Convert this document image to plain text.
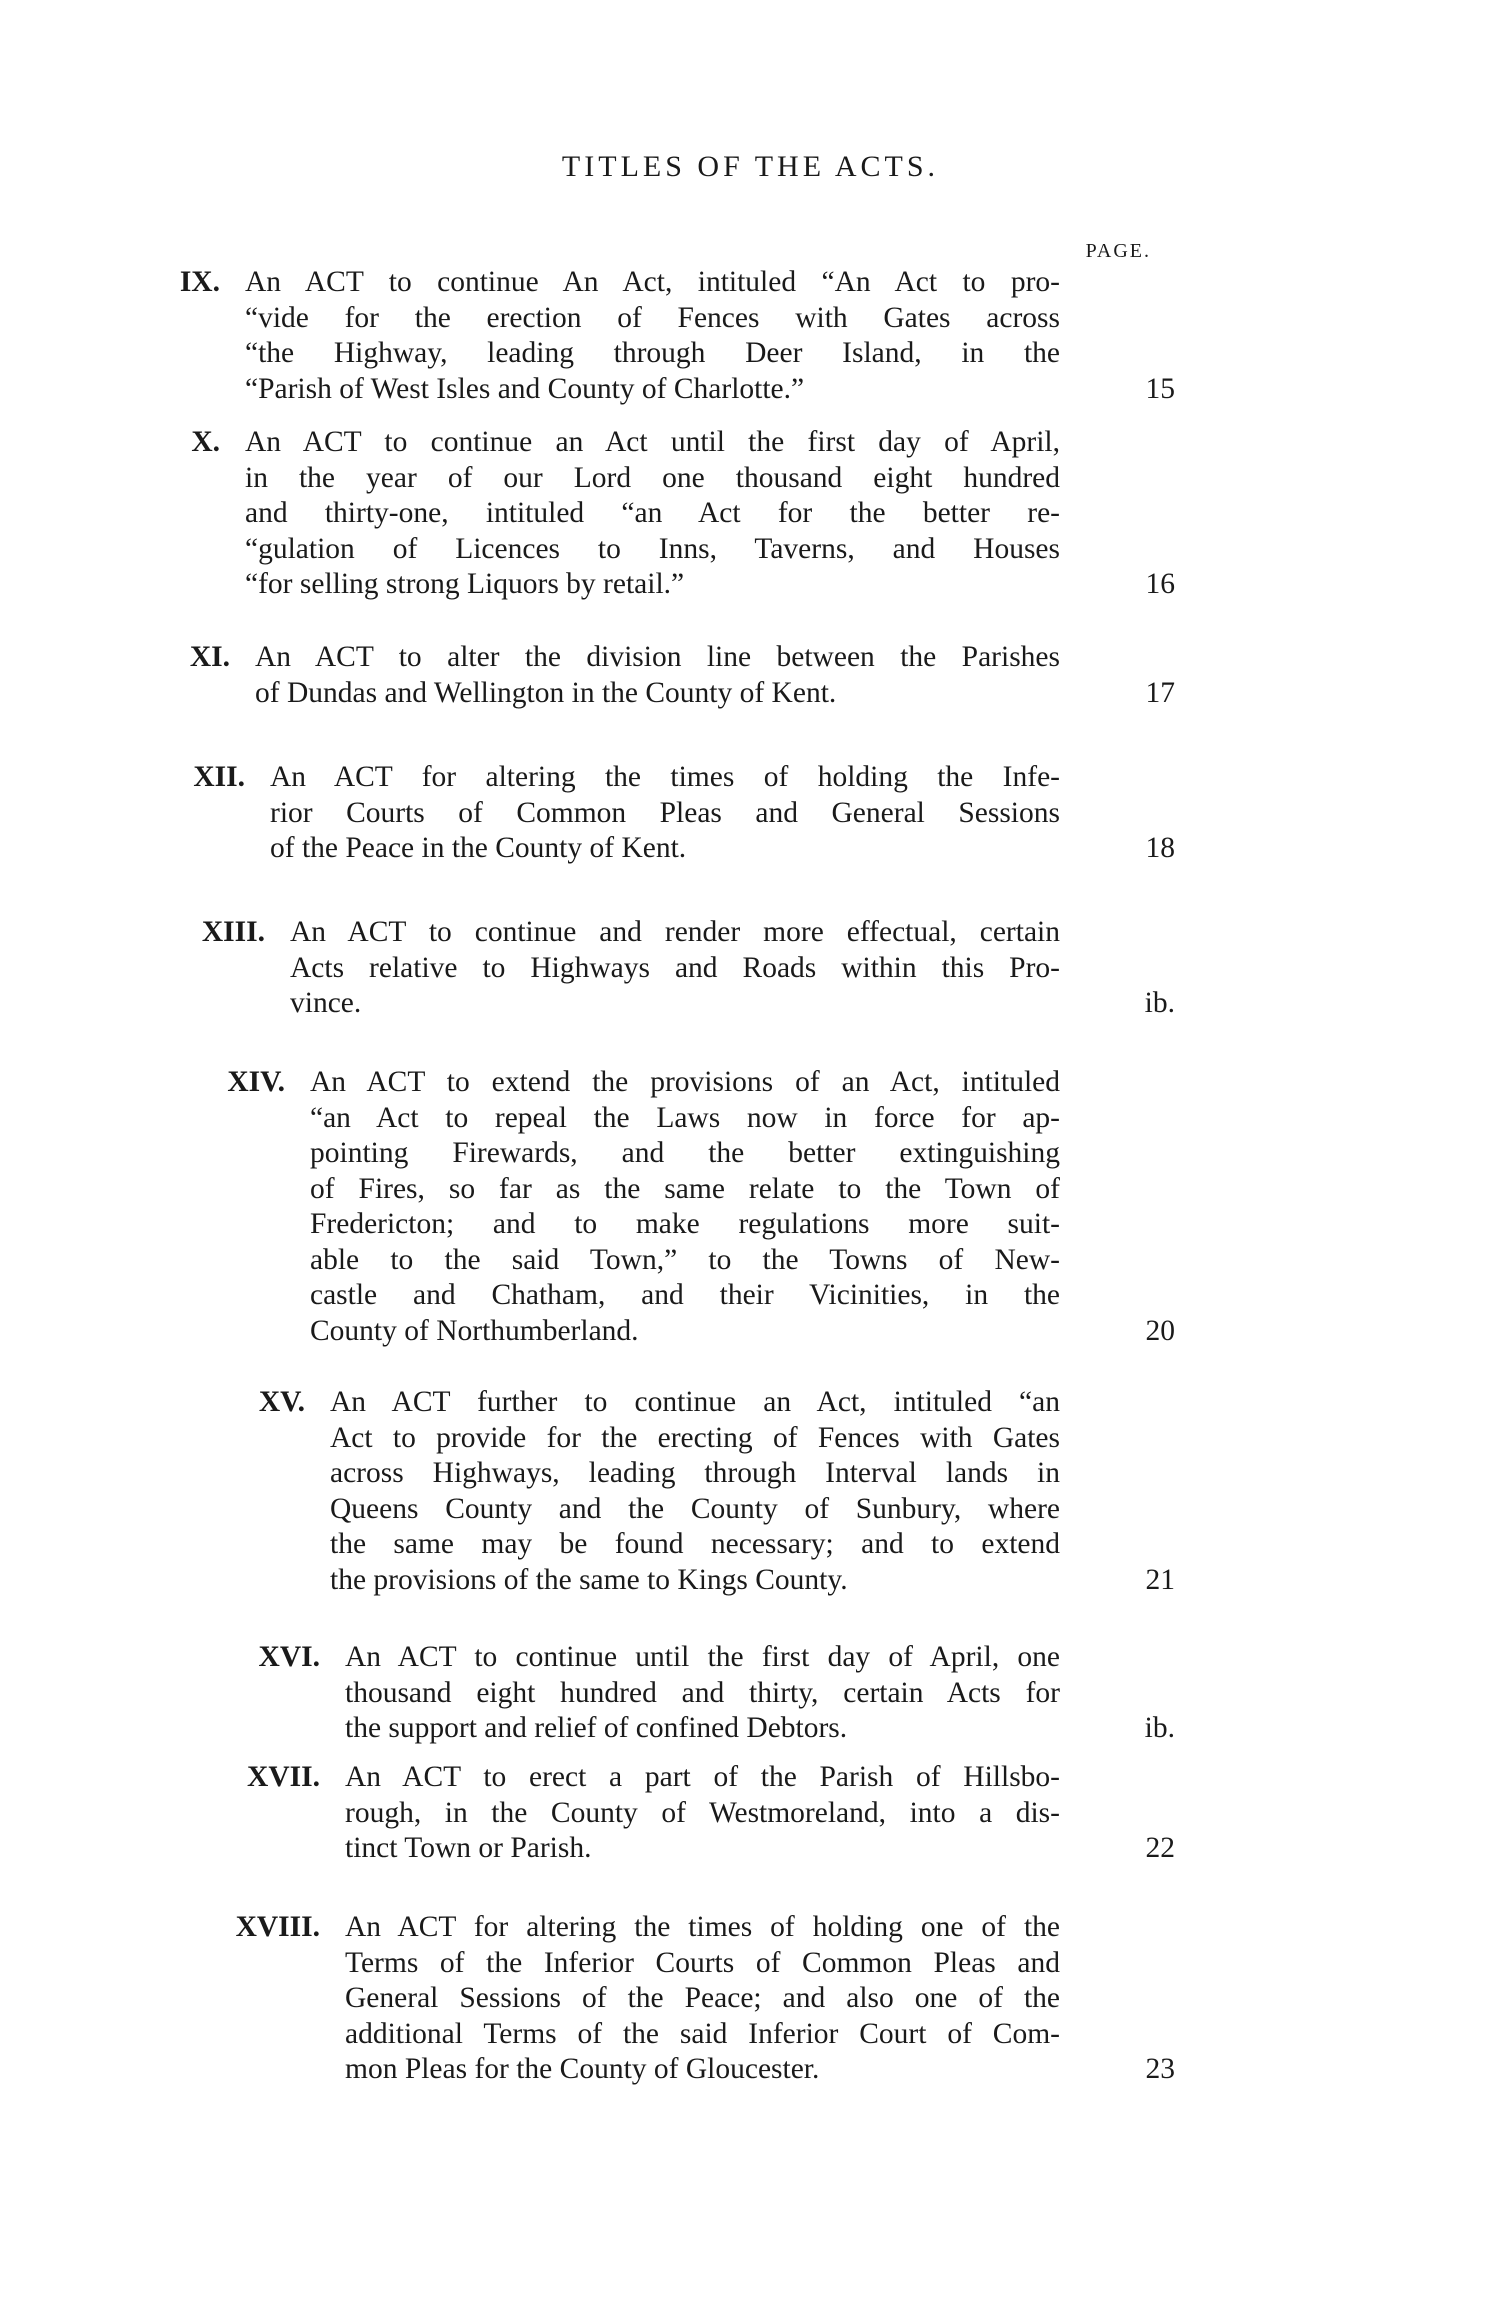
TITLES OF THE ACTS.
PAGE.
IX. An ACT to continue An Act, intituled “An Act to pro-
“vide for the erection of Fences with Gates across
“the Highway, leading through Deer Island, in the
“Parish of West Isles and County of Charlotte.”	15
X. An ACT to continue an Act until the first day of April,
in the year of our Lord one thousand eight hundred
and thirty-one, intituled “an Act for the better re-
“gulation of Licences to Inns, Taverns, and Houses
“for selling strong Liquors by retail.”	16
XI. An ACT to alter the division line between the Parishes
of Dundas and Wellington in the County of Kent.	17
XII. An ACT for altering the times of holding the Infe-
rior Courts of Common Pleas and General Sessions
of the Peace in the County of Kent.	18
XIII. An ACT to continue and render more effectual, certain
Acts relative to Highways and Roads within this Pro-
vince.	ib.
XIV. An ACT to extend the provisions of an Act, intituled
“an Act to repeal the Laws now in force for ap-
pointing Firewards, and the better extinguishing
of Fires, so far as the same relate to the Town of
Fredericton; and to make regulations more suit-
able to the said Town,” to the Towns of New-
castle and Chatham, and their Vicinities, in the
County of Northumberland.	20
XV. An ACT further to continue an Act, intituled “an
Act to provide for the erecting of Fences with Gates
across Highways, leading through Interval lands in
Queens County and the County of Sunbury, where
the same may be found necessary; and to extend
the provisions of the same to Kings County.	21
XVI. An ACT to continue until the first day of April, one
thousand eight hundred and thirty, certain Acts for
the support and relief of confined Debtors.	ib.
XVII. An ACT to erect a part of the Parish of Hillsbo-
rough, in the County of Westmoreland, into a dis-
tinct Town or Parish.	22
XVIII. An ACT for altering the times of holding one of the
Terms of the Inferior Courts of Common Pleas and
General Sessions of the Peace; and also one of the
additional Terms of the said Inferior Court of Com-
mon Pleas for the County of Gloucester.	23
